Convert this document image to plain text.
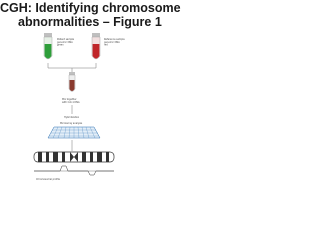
CGH: Identifying chromosome
abnormalities – Figure 1
Patient sample genomic DNA green
Reference sample genomic DNA red
Mix together with Cot-1 DNA
Hybridization
Microarray analysis
Chromosomal profile
